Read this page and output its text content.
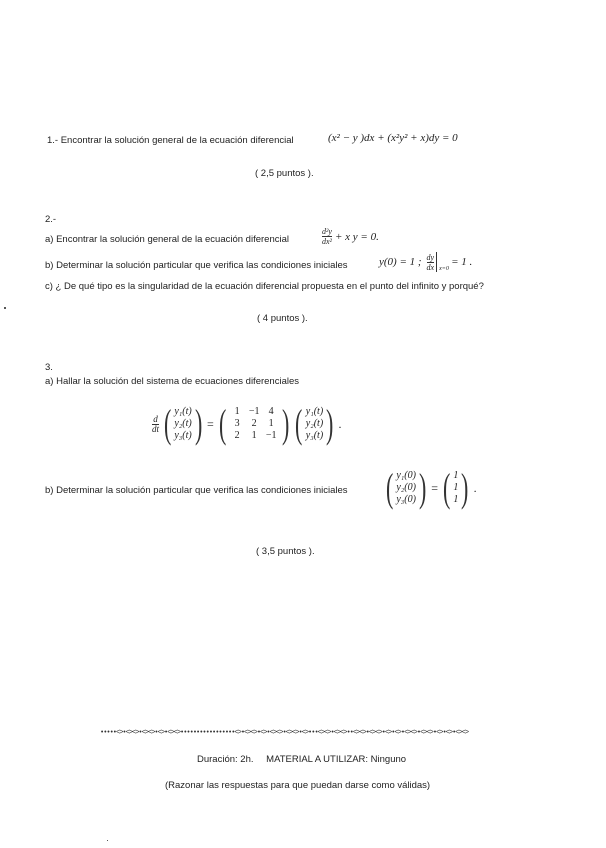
1.- Encontrar la solución general de la ecuación diferencial	(x² − y )dx + (x²y² + x)dy = 0
( 2,5 puntos ).
2.-
a) Encontrar la solución general de la ecuación diferencial	$\frac{\text{d²y}}{\text{dx²}} + x$ y = 0.
b) Determinar la solución particular que verifica las condiciones iniciales	y(0) = 1 ; $\frac{dy}{dx} x=0$
= 1 .
c) ¿ De qué tipo es la singularidad de la ecuación diferencial propuesta en el punto del infinito y porqué?
( 4 puntos ).
3.
a) Hallar la solución del sistema de ecuaciones diferenciales
$\frac{d}{dt}$ ( y₁(t)
y₂(t)
y₃(t) ) = ( 1 −1 4
3	2	1
2	1 −1 ) ( y₁(t)
y₂(t)
y₃(t) ) .
b) Determinar la solución particular que verifica las condiciones iniciales ( y₁(0)
y₂(0)
y₃(0) ) = ( 1
1
1 ) .
( 3,5 puntos ).
•••••<>•<><>•<><>•<>•<><>•••••••••••••••••<>•<><>•<>•<><>•<><>•<>•••<><>•<><>••<><>•<><>•<>•<>•<><>•<><>•<>•<>•<><>
Duración: 2h. MATERIAL A UTILIZAR: Ninguno
(Razonar las respuestas para que puedan darse como válidas)
